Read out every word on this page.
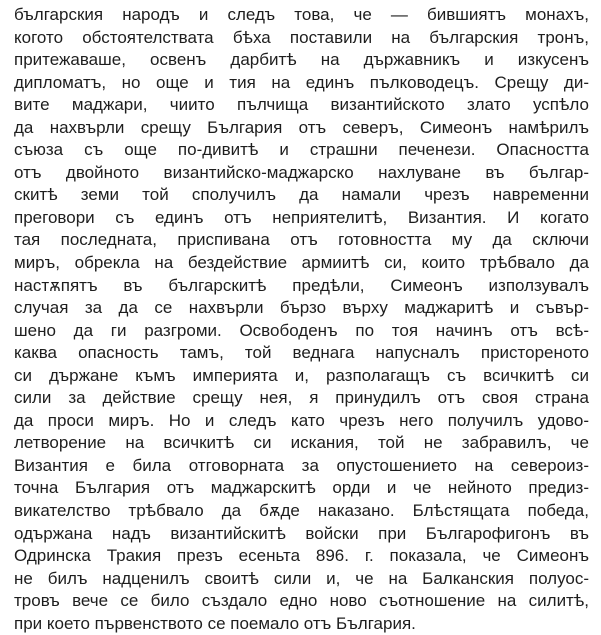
българския народъ и следъ това, че — бившиятъ монахъ,
когото обстоятелствата бѣха поставили на българския тронъ,
притежаваше, освенъ дарбитѣ на държавникъ и изкусенъ
дипломатъ, но още и тия на единъ пълководецъ. Срещу ди-
вите маджари, чиито пълчища византийското злато успѣло
да нахвърли срещу България отъ северъ, Симеонъ намѣрилъ
съюза съ още по-дивитѣ и страшни печенези. Опасността
отъ двойното византийско-маджарско нахлуване въ българ-
скитѣ земи той сполучилъ да намали чрезъ навременни
преговори съ единъ отъ неприятелитѣ, Византия. И когато
тая последната, приспивана отъ готовността му да сключи
миръ, обрекла на бездействие армиитѣ си, които трѣбвало да
настѫпятъ въ българскитѣ предѣли, Симеонъ използувалъ
случая за да се нахвърли бързо върху маджаритѣ и съвър-
шено да ги разгроми. Освободенъ по тоя начинъ отъ всѣ-
каква опасность тамъ, той веднага напусналъ пристореното
си държане къмъ империята и, разполагащъ съ всичкитѣ си
сили за действие срещу нея, я принудилъ отъ своя страна
да проси миръ. Но и следъ като чрезъ него получилъ удово-
летворение на всичкитѣ си искания, той не забравилъ, че
Византия е била отговорната за опустошението на североиз-
точна България отъ маджарскитѣ орди и че нейното предиз-
викателство трѣбвало да бѫде наказано. Блѣстящата победа,
одържана надъ византийскитѣ войски при Българофигонъ въ
Одринска Тракия презъ есеньта 896. г. показала, че Симеонъ
не билъ надценилъ своитѣ сили и, че на Балканския полуос-
тровъ вече се било създало едно ново съотношение на силитѣ,
при което първенството се поемало отъ България.
